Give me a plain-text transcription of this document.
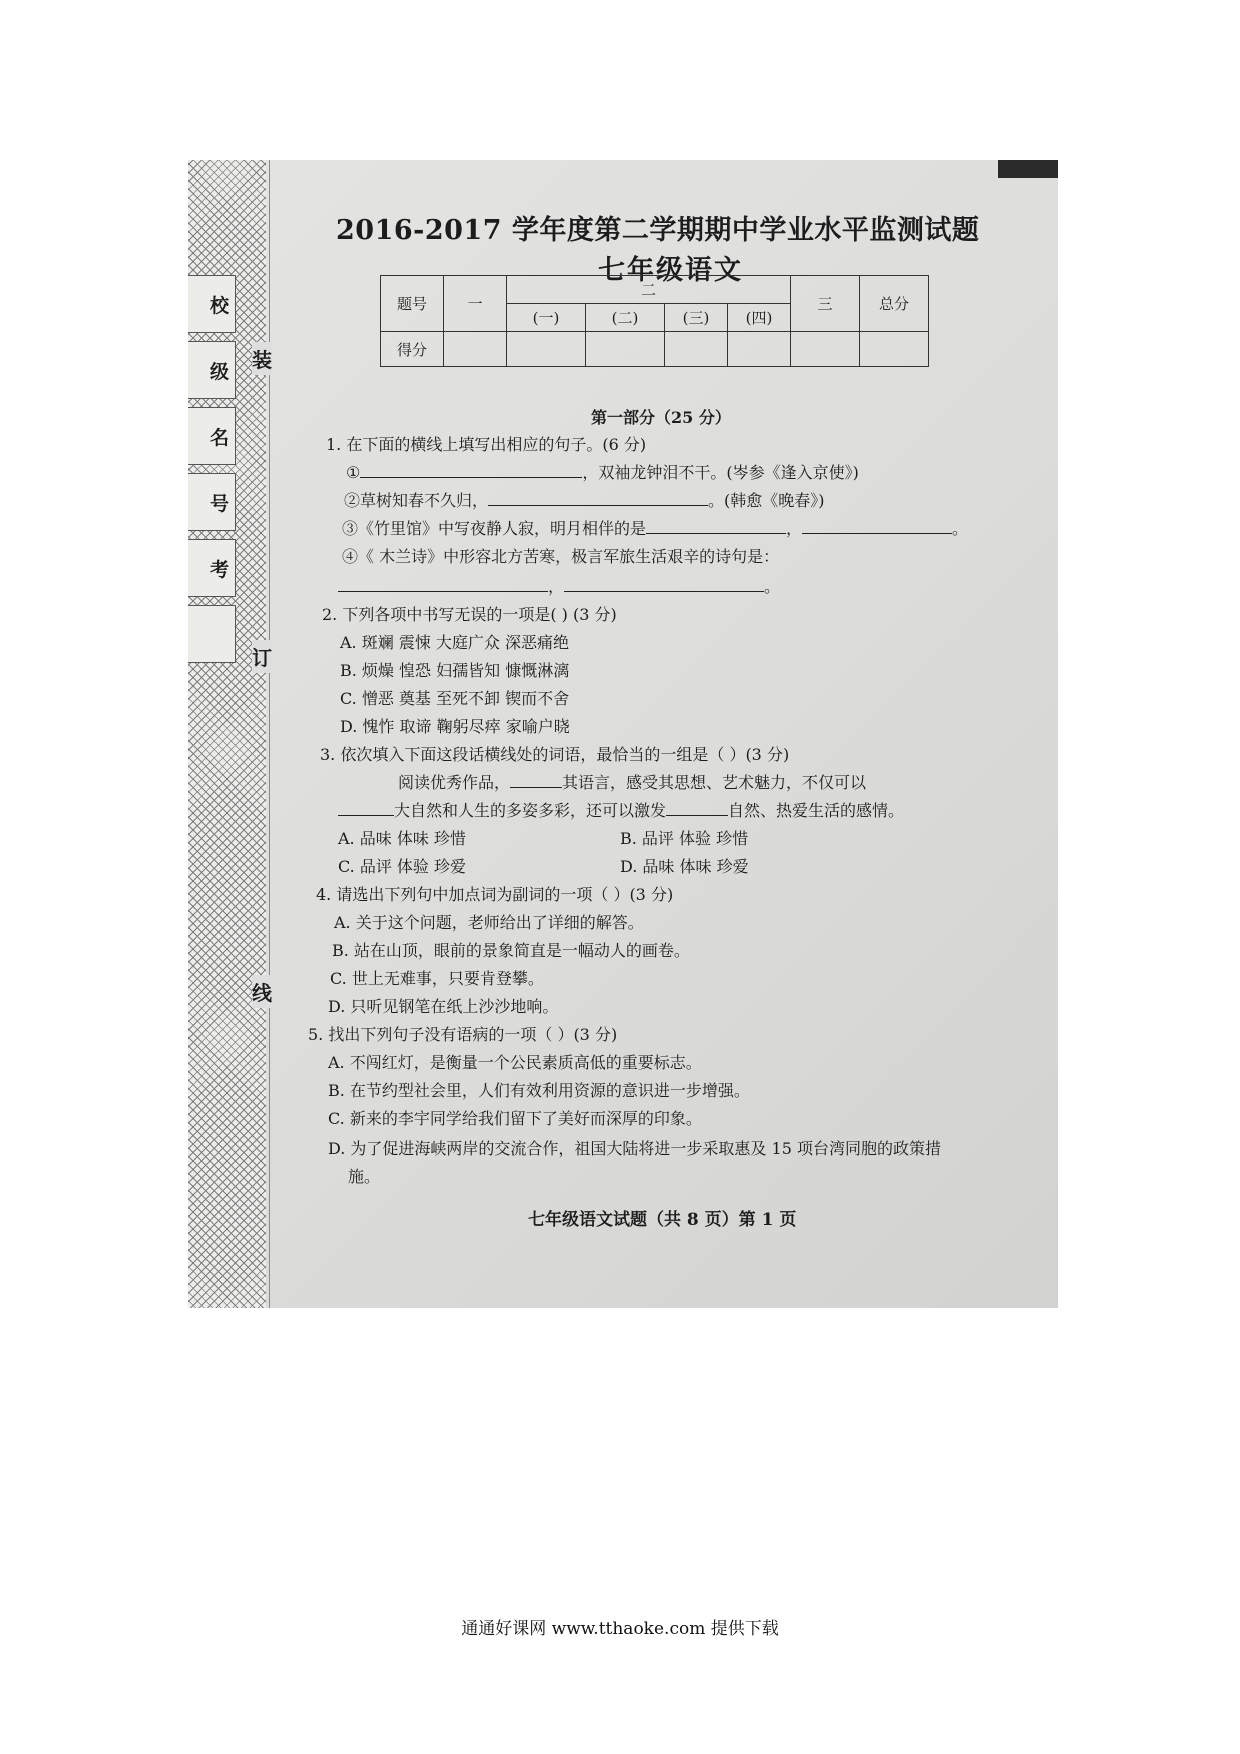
校
级
名
号
考
装
订
线
2016-2017 学年度第二学期期中学业水平监测试题
七年级语文
题号	一	二				三	总分
		(一)	(二)	(三)	(四)		
得分							
第一部分（25 分）
1. 在下面的横线上填写出相应的句子。(6 分)
①	，双袖龙钟泪不干。(岑参《逢入京使》)
②草树知春不久归，	。(韩愈《晚春》)
③《竹里馆》中写夜静人寂，明月相伴的是	，	。
④《 木兰诗》中形容北方苦寒，极言军旅生活艰辛的诗句是：
，	。
2. 下列各项中书写无误的一项是( ) (3 分)
A. 斑斓 震悚 大庭广众 深恶痛绝
B. 烦燥 惶恐 妇孺皆知 慷慨淋漓
C. 憎恶 奠基 至死不卸 锲而不舍
D. 愧怍 取谛 鞠躬尽瘁 家喻户晓
3. 依次填入下面这段话横线处的词语，最恰当的一组是（ ）(3 分)
阅读优秀作品，	其语言，感受其思想、艺术魅力，不仅可以
大自然和人生的多姿多彩，还可以激发	自然、热爱生活的感情。
A. 品味 体味 珍惜	B. 品评 体验 珍惜
C. 品评 体验 珍爱	D. 品味 体味 珍爱
4. 请选出下列句中加点词为副词的一项（ ）(3 分)
A. 关于这个问题，老师给出了详细的解答。
B. 站在山顶，眼前的景象简直是一幅动人的画卷。
C. 世上无难事，只要肯登攀。
D. 只听见钢笔在纸上沙沙地响。
5. 找出下列句子没有语病的一项（ ）(3 分)
A. 不闯红灯，是衡量一个公民素质高低的重要标志。
B. 在节约型社会里，人们有效利用资源的意识进一步增强。
C. 新来的李宇同学给我们留下了美好而深厚的印象。
D. 为了促进海峡两岸的交流合作，祖国大陆将进一步采取惠及 15 项台湾同胞的政策措
施。
七年级语文试题（共 8 页）第 1 页
通通好课网 www.tthaoke.com 提供下载
